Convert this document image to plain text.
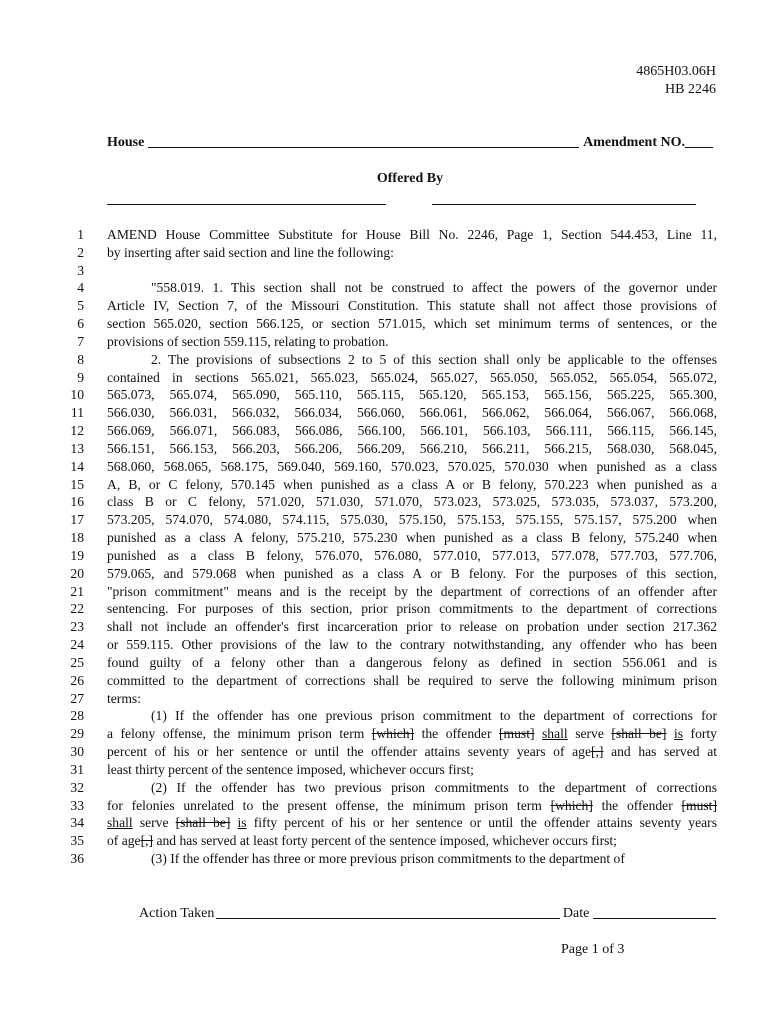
4865H03.06H
HB 2246
House	Amendment NO.____
Offered By
1 AMEND House Committee Substitute for House Bill No. 2246, Page 1, Section 544.453, Line 11,
2 by inserting after said section and line the following:
3
4	"558.019. 1. This section shall not be construed to affect the powers of the governor under
5 Article IV, Section 7, of the Missouri Constitution. This statute shall not affect those provisions of
6 section 565.020, section 566.125, or section 571.015, which set minimum terms of sentences, or the
7 provisions of section 559.115, relating to probation.
8	2. The provisions of subsections 2 to 5 of this section shall only be applicable to the offenses
9 contained in sections 565.021, 565.023, 565.024, 565.027, 565.050, 565.052, 565.054, 565.072,
10 565.073, 565.074, 565.090, 565.110, 565.115, 565.120, 565.153, 565.156, 565.225, 565.300,
11 566.030, 566.031, 566.032, 566.034, 566.060, 566.061, 566.062, 566.064, 566.067, 566.068,
12 566.069, 566.071, 566.083, 566.086, 566.100, 566.101, 566.103, 566.111, 566.115, 566.145,
13 566.151, 566.153, 566.203, 566.206, 566.209, 566.210, 566.211, 566.215, 568.030, 568.045,
14 568.060, 568.065, 568.175, 569.040, 569.160, 570.023, 570.025, 570.030 when punished as a class
15 A, B, or C felony, 570.145 when punished as a class A or B felony, 570.223 when punished as a
16 class B or C felony, 571.020, 571.030, 571.070, 573.023, 573.025, 573.035, 573.037, 573.200,
17 573.205, 574.070, 574.080, 574.115, 575.030, 575.150, 575.153, 575.155, 575.157, 575.200 when
18 punished as a class A felony, 575.210, 575.230 when punished as a class B felony, 575.240 when
19 punished as a class B felony, 576.070, 576.080, 577.010, 577.013, 577.078, 577.703, 577.706,
20 579.065, and 579.068 when punished as a class A or B felony. For the purposes of this section,
21 "prison commitment" means and is the receipt by the department of corrections of an offender after
22 sentencing. For purposes of this section, prior prison commitments to the department of corrections
23 shall not include an offender's first incarceration prior to release on probation under section 217.362
24 or 559.115. Other provisions of the law to the contrary notwithstanding, any offender who has been
25 found guilty of a felony other than a dangerous felony as defined in section 556.061 and is
26 committed to the department of corrections shall be required to serve the following minimum prison
27 terms:
28	(1) If the offender has one previous prison commitment to the department of corrections for
29 a felony offense, the minimum prison term [which] the offender [must] shall serve [shall be] is forty
30 percent of his or her sentence or until the offender attains seventy years of age[,] and has served at
31 least thirty percent of the sentence imposed, whichever occurs first;
32	(2) If the offender has two previous prison commitments to the department of corrections
33 for felonies unrelated to the present offense, the minimum prison term [which] the offender [must]
34 shall serve [shall be] is fifty percent of his or her sentence or until the offender attains seventy years
35 of age[,] and has served at least forty percent of the sentence imposed, whichever occurs first;
36	(3) If the offender has three or more previous prison commitments to the department of
Action Taken	Date
Page 1 of 3
